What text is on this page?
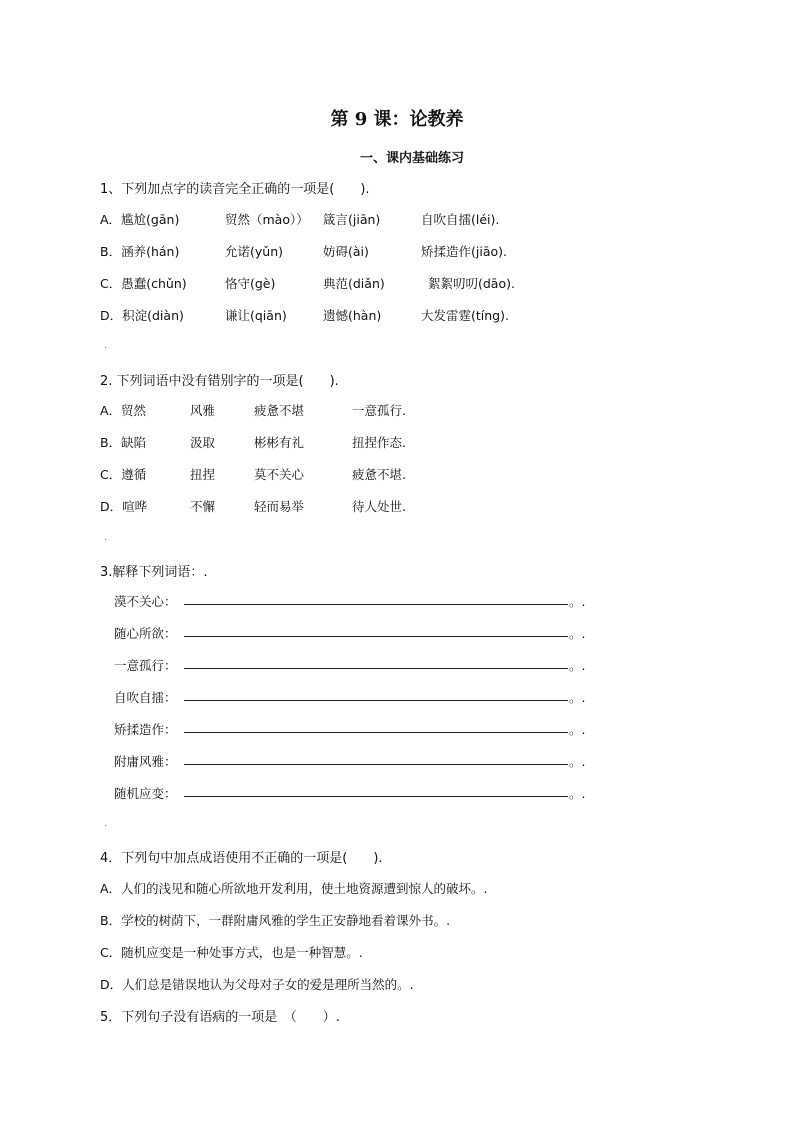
第 9 课：论教养
一、课内基础练习
1、下列加点字的读音完全正确的一项是(　　).
A．尴尬(gān)	贸然（mào）） 箴言(jiān)	自吹自擂(léi).
B．涵养(hán)	允诺(yǔn)	妨碍(ài)	矫揉造作(jiāo).
C．愚蠢(chǔn)	恪守(gè)	典范(diǎn)	絮絮叨叨(dāo).
D．积淀(diàn)	谦让(qiān)	遗憾(hàn)	大发雷霆(tíng).
.
2. 下列词语中没有错别字的一项是(　　).
A．贸然	风雅	疲惫不堪	一意孤行.
B．缺陷	汲取	彬彬有礼	扭捏作态.
C．遵循	扭捏	莫不关心	疲惫不堪.
D．喧哗	不懈	轻而易举	待人处世.
.
3.解释下列词语：.
漠不关心：	。.
随心所欲：	。.
一意孤行：	。.
自吹自擂：	。.
矫揉造作：	。.
附庸风雅：	。.
随机应变：	。.
.
4．下列句中加点成语使用不正确的一项是(　　).
A．人们的浅见和随心所欲地开发利用，使土地资源遭到惊人的破坏。.
B．学校的树荫下，一群附庸风雅的学生正安静地看着课外书。.
C．随机应变是一种处事方式，也是一种智慧。.
D．人们总是错误地认为父母对子女的爱是理所当然的。.
5．下列句子没有语病的一项是　（　　）.
